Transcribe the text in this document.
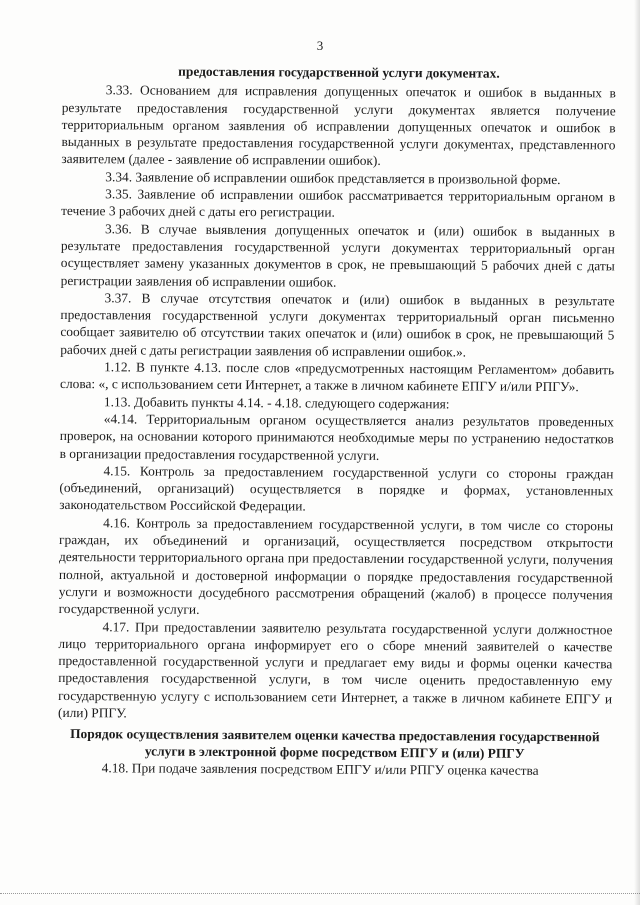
3

предоставления государственной услуги документах.

3.33. Основанием для исправления допущенных опечаток и ошибок в выданных в результате предоставления государственной услуги документах является получение территориальным органом заявления об исправлении допущенных опечаток и ошибок в выданных в результате предоставления государственной услуги документах, представленного заявителем (далее - заявление об исправлении ошибок).

3.34. Заявление об исправлении ошибок представляется в произвольной форме.

3.35. Заявление об исправлении ошибок рассматривается территориальным органом в течение 3 рабочих дней с даты его регистрации.

3.36. В случае выявления допущенных опечаток и (или) ошибок в выданных в результате предоставления государственной услуги документах территориальный орган осуществляет замену указанных документов в срок, не превышающий 5 рабочих дней с даты регистрации заявления об исправлении ошибок.

3.37. В случае отсутствия опечаток и (или) ошибок в выданных в результате предоставления государственной услуги документах территориальный орган письменно сообщает заявителю об отсутствии таких опечаток и (или) ошибок в срок, не превышающий 5 рабочих дней с даты регистрации заявления об исправлении ошибок.».

1.12. В пункте 4.13. после слов «предусмотренных настоящим Регламентом» добавить слова: «, с использованием сети Интернет, а также в личном кабинете ЕПГУ и/или РПГУ».

1.13. Добавить пункты 4.14. - 4.18. следующего содержания:

«4.14. Территориальным органом осуществляется анализ результатов проведенных проверок, на основании которого принимаются необходимые меры по устранению недостатков в организации предоставления государственной услуги.

4.15. Контроль за предоставлением государственной услуги со стороны граждан (объединений, организаций) осуществляется в порядке и формах, установленных законодательством Российской Федерации.

4.16. Контроль за предоставлением государственной услуги, в том числе со стороны граждан, их объединений и организаций, осуществляется посредством открытости деятельности территориального органа при предоставлении государственной услуги, получения полной, актуальной и достоверной информации о порядке предоставления государственной услуги и возможности досудебного рассмотрения обращений (жалоб) в процессе получения государственной услуги.

4.17. При предоставлении заявителю результата государственной услуги должностное лицо территориального органа информирует его о сборе мнений заявителей о качестве предоставленной государственной услуги и предлагает ему виды и формы оценки качества предоставления государственной услуги, в том числе оценить предоставленную ему государственную услугу с использованием сети Интернет, а также в личном кабинете ЕПГУ и (или) РПГУ.

Порядок осуществления заявителем оценки качества предоставления государственной услуги в электронной форме посредством ЕПГУ и (или) РПГУ

4.18. При подаче заявления посредством ЕПГУ и/или РПГУ оценка качества
